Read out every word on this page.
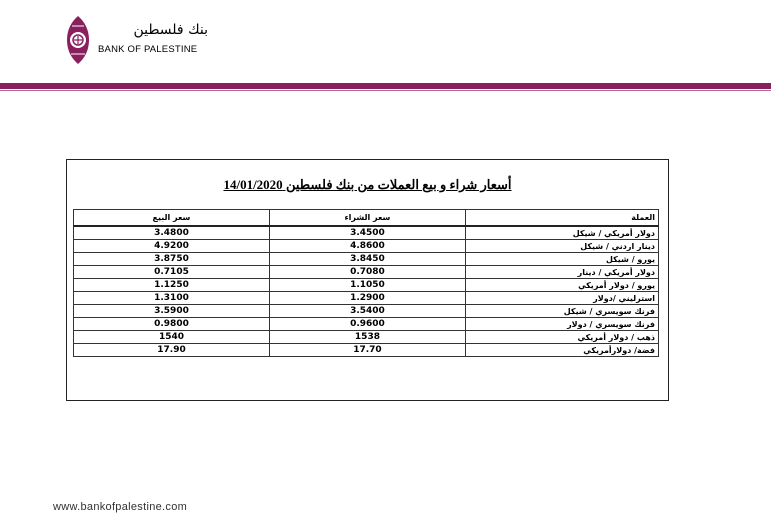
بنك فلسطين
BANK OF PALESTINE
أسعار شراء و بيع العملات من بنك فلسطين 14/01/2020
سعر البيع	سعر الشراء	العملة
3.4800	3.4500	دولار أمريكي / شيكل
4.9200	4.8600	دينار اردني / شيكل
3.8750	3.8450	يورو / شيكل
0.7105	0.7080	دولار أمريكي / دينار
1.1250	1.1050	يورو / دولار أمريكي
1.3100	1.2900	استرليني /دولار
3.5900	3.5400	فرنك سويسري / شيكل
0.9800	0.9600	فرنك سويسري / دولار
1540	1538	ذهب / دولار أمريكي
17.90	17.70	فضة/ دولارأمريكي
www.bankofpalestine.com
